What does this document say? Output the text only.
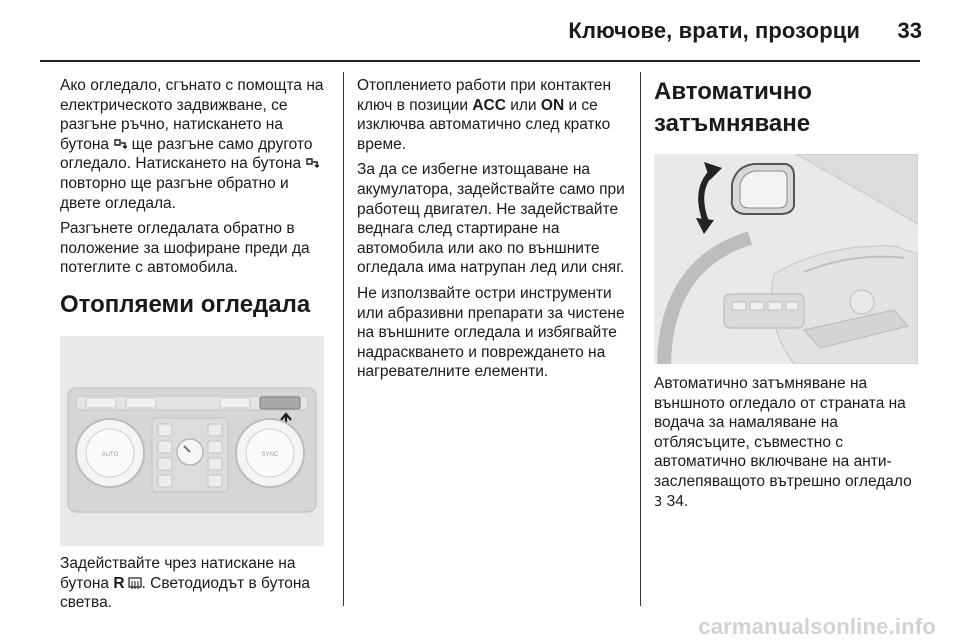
Ключове, врати, прозорци	33

Ако огледало, сгънато с помощта на електрическото задвижване, се разгъне ръчно, натискането на бутона  ще разгъне само другото огледало. Натискането на бутона  повторно ще разгъне обратно и двете огледала.

Разгънете огледалата обратно в положение за шофиране преди да потеглите с автомобила.

Отопляеми огледала
AUTO	SYNC

Задействайте чрез натискане на бутона R . Светодиодът в бутона светва.

Отоплението работи при контактен ключ в позиции ACC или ON и се изключва автоматично след кратко време.

За да се избегне изтощаване на акумулатора, задействайте само при работещ двигател. Не задействайте веднага след стартиране на автомобила или ако по външните огледала има натрупан лед или сняг.

Не използвайте остри инструменти или абразивни препарати за чистене на външните огледала и избягвайте надраскването и повреждането на нагревателните елементи.

Автоматично затъмняване

Автоматично затъмняване на външното огледало от страната на водача за намаляване на отблясъците, съвместно с автоматично включване на анти-заслепяващото вътрешно огледало 3 34.

carmanualsonline.info
